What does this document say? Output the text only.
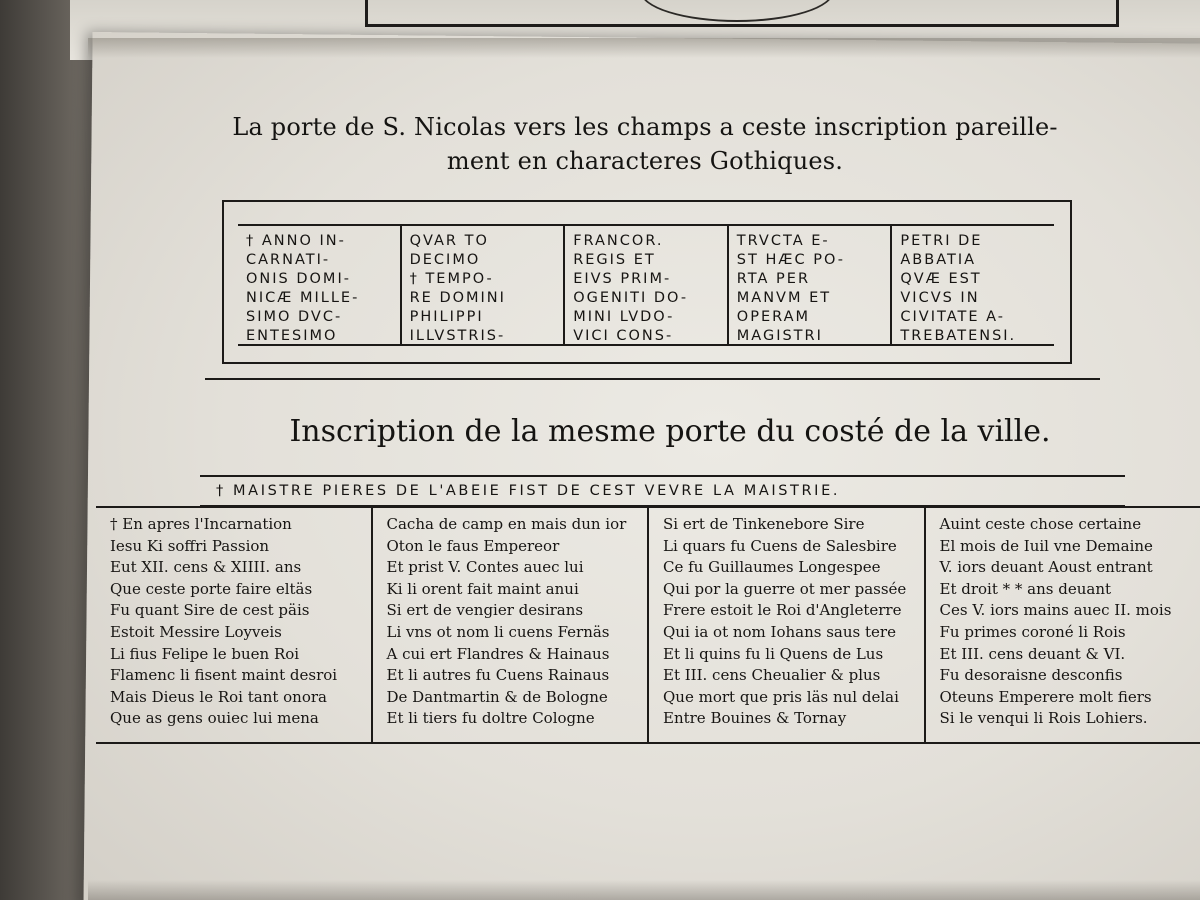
La porte de S. Nicolas vers les champs a ceste inscription pareille-
ment en characteres Gothiques.
† ANNO IN-
CARNATI-
ONIS DOMI-
NICÆ MILLE-
SIMO DVC-
ENTESIMO
QVAR TO
DECIMO
† TEMPO-
RE DOMINI
PHILIPPI
ILLVSTRIS-
FRANCOR.
REGIS ET
EIVS PRIM-
OGENITI DO-
MINI LVDO-
VICI CONS-
TRVCTA E-
ST HÆC PO-
RTA PER
MANVM ET
OPERAM
MAGISTRI
PETRI DE
ABBATIA
QVÆ EST
VICVS IN
CIVITATE A-
TREBATENSI.
Inscription de la mesme porte du costé de la ville.
† MAISTRE PIERES DE L'ABEIE FIST DE CEST VEVRE LA MAISTRIE.
† En apres l'Incarnation
Iesu Ki soffri Passion
Eut XII. cens & XIIII. ans
Que ceste porte faire eltäs
Fu quant Sire de cest päis
Estoit Messire Loyveis
Li fius Felipe le buen Roi
Flamenc li fisent maint desroi
Mais Dieus le Roi tant onora
Que as gens ouiec lui mena
Cacha de camp en mais dun ior
Oton le faus Empereor
Et prist V. Contes auec lui
Ki li orent fait maint anui
Si ert de vengier desirans
Li vns ot nom li cuens Fernäs
A cui ert Flandres & Hainaus
Et li autres fu Cuens Rainaus
De Dantmartin & de Bologne
Et li tiers fu doltre Cologne
Si ert de Tinkenebore Sire
Li quars fu Cuens de Salesbire
Ce fu Guillaumes Longespee
Qui por la guerre ot mer passée
Frere estoit le Roi d'Angleterre
Qui ia ot nom Iohans saus tere
Et li quins fu li Quens de Lus
Et III. cens Cheualier & plus
Que mort que pris läs nul delai
Entre Bouines & Tornay
Auint ceste chose certaine
El mois de Iuil vne Demaine
V. iors deuant Aoust entrant
Et droit * * ans deuant
Ces V. iors mains auec II. mois
Fu primes coroné li Rois
Et III. cens deuant & VI.
Fu desoraisne desconfis
Oteuns Emperere molt fiers
Si le venqui li Rois Lohiers.
